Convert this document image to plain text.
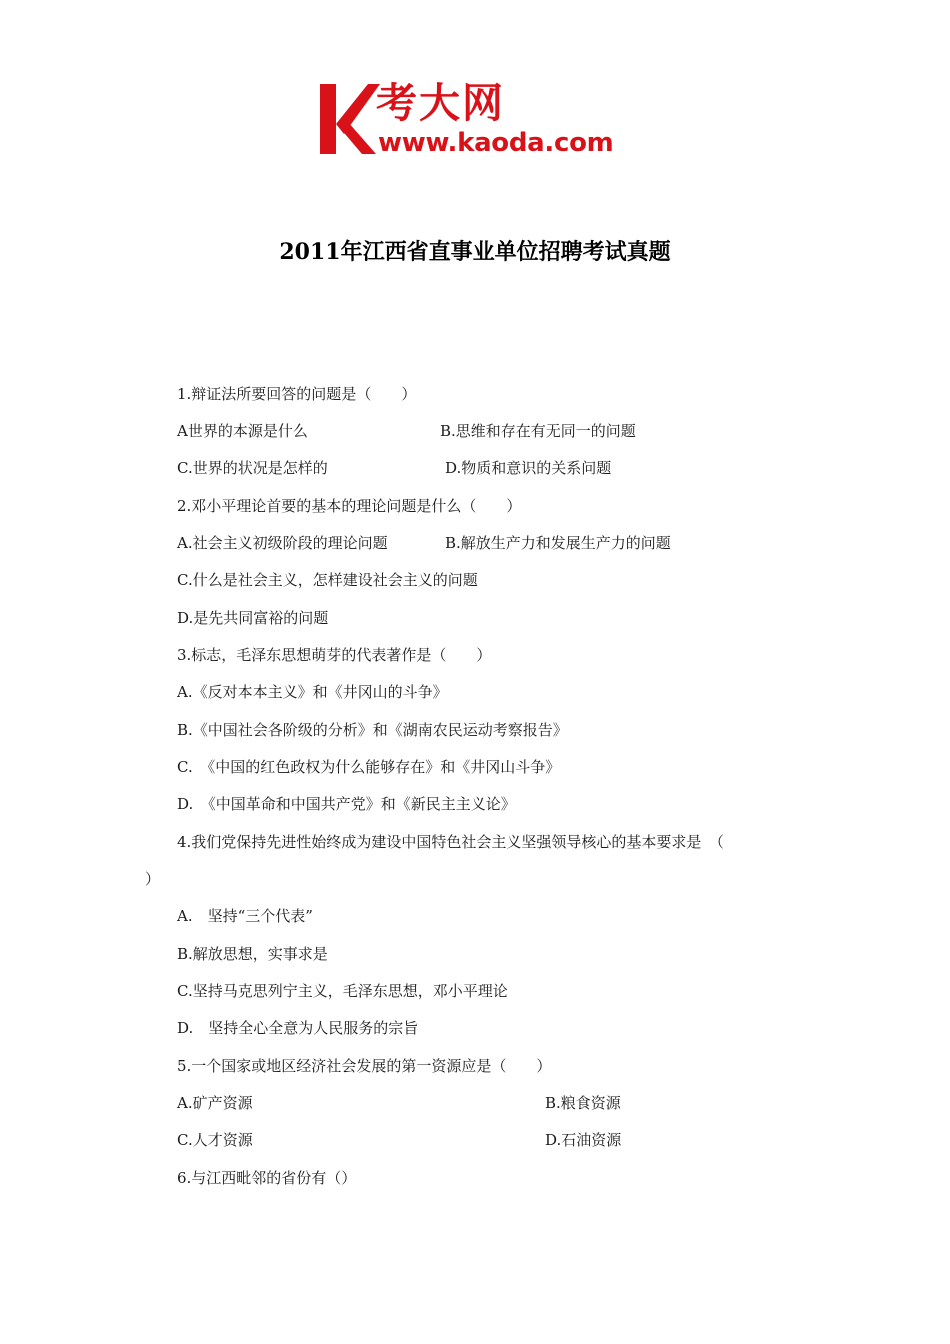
考大网
www.kaoda.com
2011年江西省直事业单位招聘考试真题
1.辩证法所要回答的问题是（　　）
A世界的本源是什么	B.思维和存在有无同一的问题
C.世界的状况是怎样的	D.物质和意识的关系问题
2.邓小平理论首要的基本的理论问题是什么（　　）
A.社会主义初级阶段的理论问题	B.解放生产力和发展生产力的问题
C.什么是社会主义，怎样建设社会主义的问题
D.是先共同富裕的问题
3.标志，毛泽东思想萌芽的代表著作是（　　）
A.《反对本本主义》和《井冈山的斗争》
B.《中国社会各阶级的分析》和《湖南农民运动考察报告》
C.　《中国的红色政权为什么能够存在》和《井冈山斗争》
D.　《中国革命和中国共产党》和《新民主主义论》
4.我们党保持先进性始终成为建设中国特色社会主义坚强领导核心的基本要求是　（
）
A.　坚持“三个代表”
B.解放思想，实事求是
C.坚持马克思列宁主义，毛泽东思想，邓小平理论
D.　坚持全心全意为人民服务的宗旨
5.一个国家或地区经济社会发展的第一资源应是（　　）
A.矿产资源	B.粮食资源
C.人才资源	D.石油资源
6.与江西毗邻的省份有（）
